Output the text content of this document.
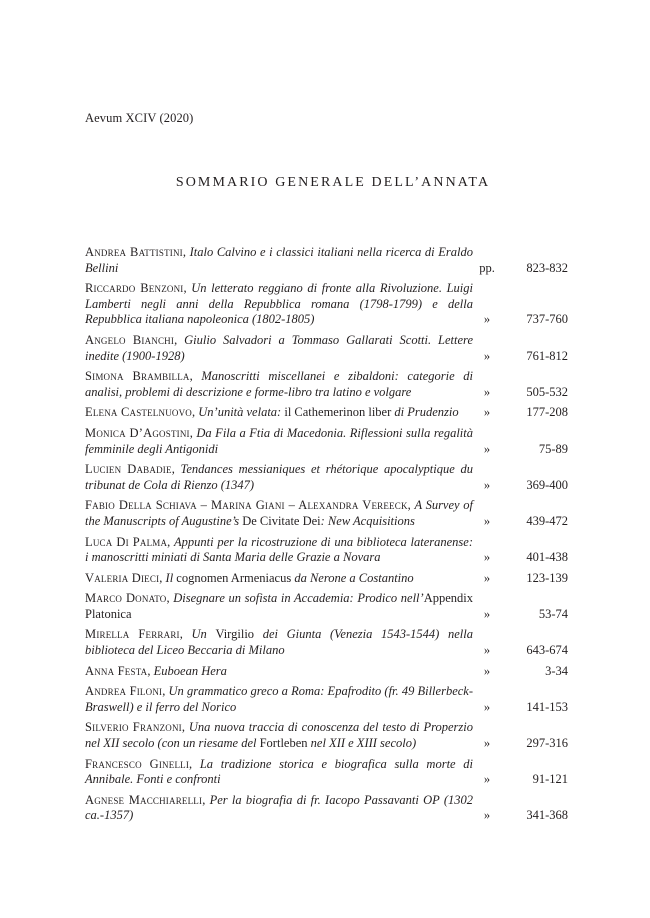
Aevum XCIV (2020)
SOMMARIO GENERALE DELL’ANNATA
Andrea Battistini, Italo Calvino e i classici italiani nella ricerca di Eraldo Bellini	pp.	823-832
Riccardo Benzoni, Un letterato reggiano di fronte alla Rivoluzione. Luigi Lamberti negli anni della Repubblica romana (1798-1799) e della Repubblica italiana napoleonica (1802-1805)	»	737-760
Angelo Bianchi, Giulio Salvadori a Tommaso Gallarati Scotti. Lettere inedite (1900-1928)	»	761-812
Simona Brambilla, Manoscritti miscellanei e zibaldoni: categorie di analisi, problemi di descrizione e forme-libro tra latino e volgare	»	505-532
Elena Castelnuovo, Un’unità velata: il Cathemerinon liber di Prudenzio	»	177-208
Monica D’Agostini, Da Fila a Ftia di Macedonia. Riflessioni sulla regalità femminile degli Antigonidi	»	75-89
Lucien Dabadie, Tendances messianiques et rhétorique apocalyptique du tribunat de Cola di Rienzo (1347)	»	369-400
Fabio Della Schiava – Marina Giani – Alexandra Vereeck, A Survey of the Manuscripts of Augustine’s De Civitate Dei: New Acquisitions	»	439-472
Luca Di Palma, Appunti per la ricostruzione di una biblioteca lateranense: i manoscritti miniati di Santa Maria delle Grazie a Novara	»	401-438
Valeria Dieci, Il cognomen Armeniacus da Nerone a Costantino	»	123-139
Marco Donato, Disegnare un sofista in Accademia: Prodico nell’Appendix Platonica	»	53-74
Mirella Ferrari, Un Virgilio dei Giunta (Venezia 1543-1544) nella biblioteca del Liceo Beccaria di Milano	»	643-674
Anna Festa, Euboean Hera	»	3-34
Andrea Filoni, Un grammatico greco a Roma: Epafrodito (fr. 49 Billerbeck-Braswell) e il ferro del Norico	»	141-153
Silverio Franzoni, Una nuova traccia di conoscenza del testo di Properzio nel XII secolo (con un riesame del Fortleben nel XII e XIII secolo)	»	297-316
Francesco Ginelli, La tradizione storica e biografica sulla morte di Annibale. Fonti e confronti	»	91-121
Agnese Macchiarelli, Per la biografia di fr. Iacopo Passavanti OP (1302 ca.-1357)	»	341-368
